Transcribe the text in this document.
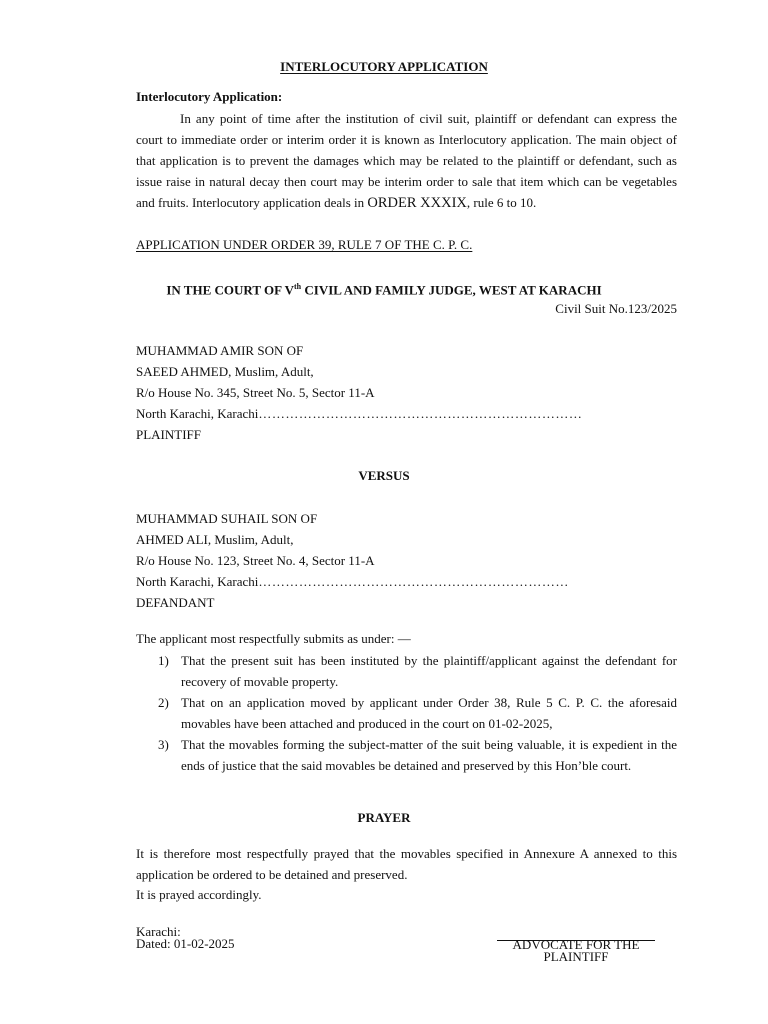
INTERLOCUTORY APPLICATION
Interlocutory Application:

In any point of time after the institution of civil suit, plaintiff or defendant can express the court to immediate order or interim order it is known as Interlocutory application. The main object of that application is to prevent the damages which may be related to the plaintiff or defendant, such as issue raise in natural decay then court may be interim order to sale that item which can be vegetables and fruits. Interlocutory application deals in ORDER XXXIX, rule 6 to 10.

APPLICATION UNDER ORDER 39, RULE 7 OF THE C. P. C.
IN THE COURT OF Vth CIVIL AND FAMILY JUDGE, WEST AT KARACHI
Civil Suit No.123/2025
MUHAMMAD AMIR SON OF
SAEED AHMED, Muslim, Adult,
R/o House No. 345, Street No. 5, Sector 11-A
North Karachi, Karachi………………………………………………………………
PLAINTIFF
VERSUS
MUHAMMAD SUHAIL SON OF
AHMED ALI, Muslim, Adult,
R/o House No. 123, Street No. 4, Sector 11-A
North Karachi, Karachi……………………………………………………………
DEFANDANT
The applicant most respectfully submits as under: —
1) That the present suit has been instituted by the plaintiff/applicant against the defendant for recovery of movable property.
2) That on an application moved by applicant under Order 38, Rule 5 C. P. C. the aforesaid movables have been attached and produced in the court on 01-02-2025,
3) That the movables forming the subject-matter of the suit being valuable, it is expedient in the ends of justice that the said movables be detained and preserved by this Hon’ble court.
PRAYER

It is therefore most respectfully prayed that the movables specified in Annexure A annexed to this application be ordered to be detained and preserved.

It is prayed accordingly.
Karachi:
Dated: 01-02-2025	ADVOCATE FOR THE
PLAINTIFF
